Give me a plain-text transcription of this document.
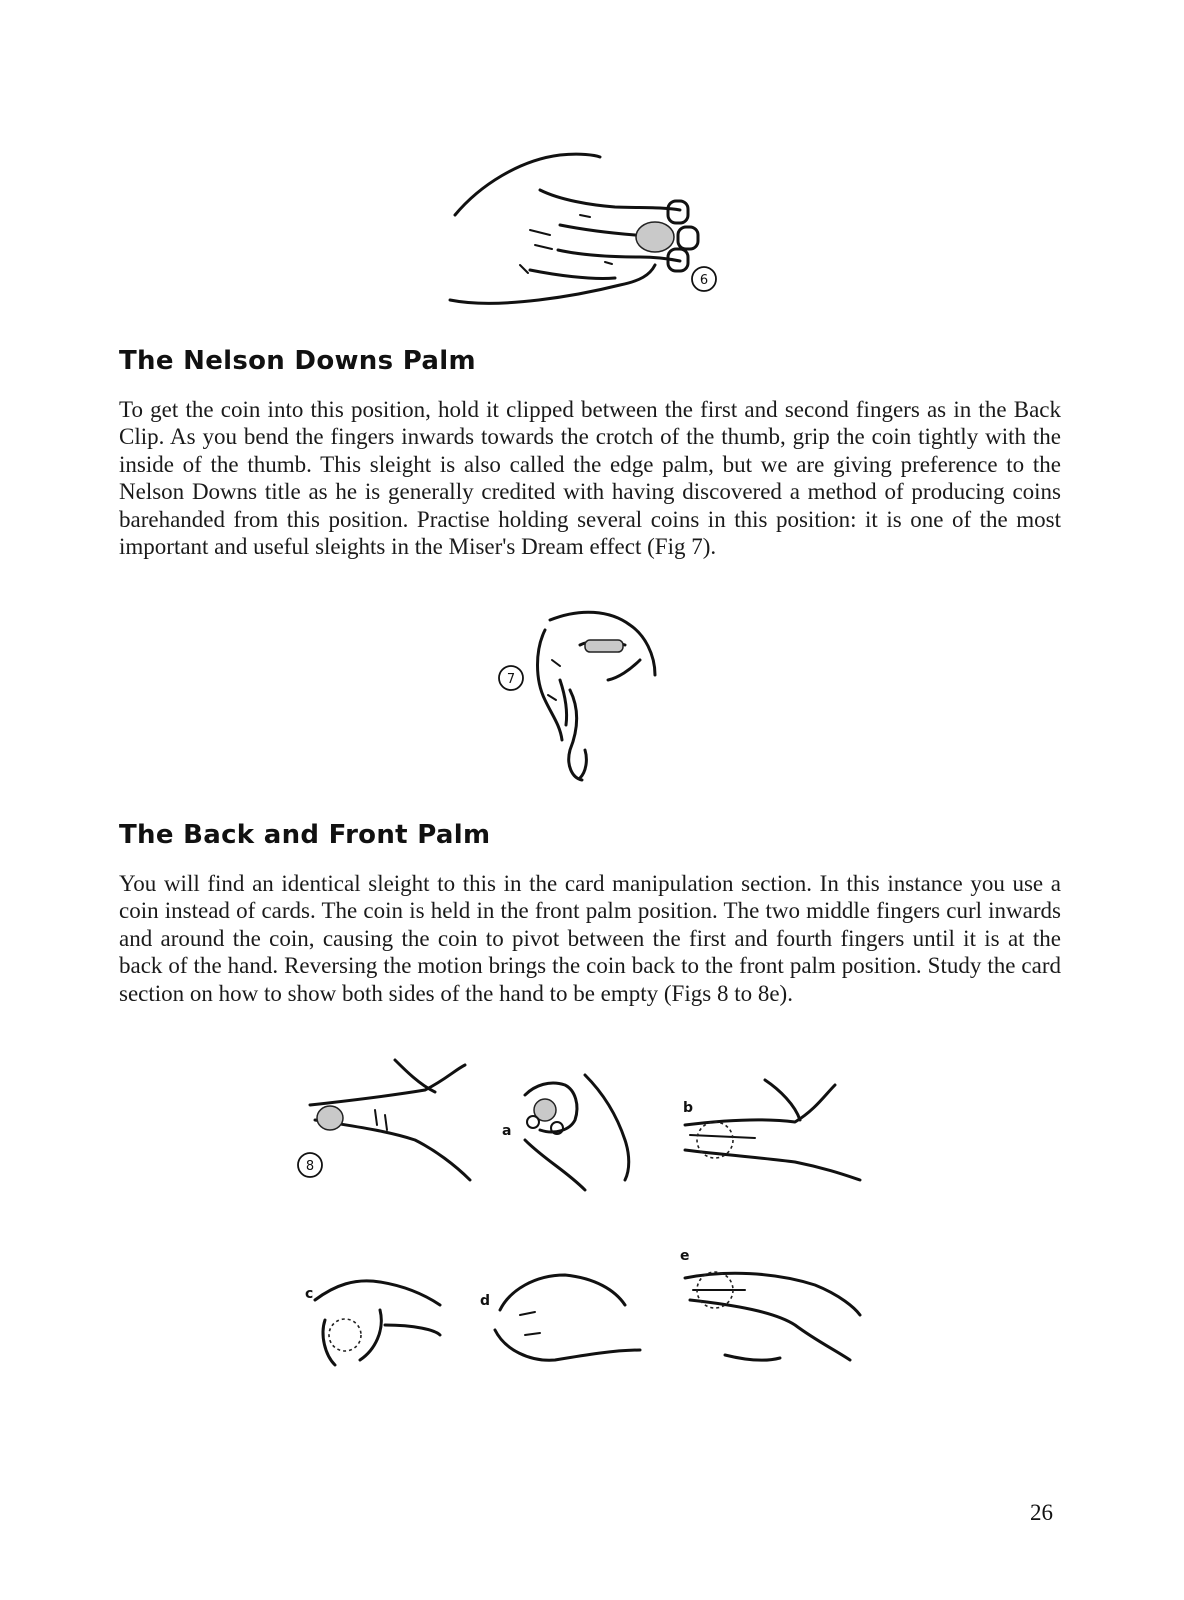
6
The Nelson Downs Palm

To get the coin into this position, hold it clipped between the first and second fingers as in the Back Clip. As you bend the fingers inwards towards the crotch of the thumb, grip the coin tightly with the inside of the thumb. This sleight is also called the edge palm, but we are giving preference to the Nelson Downs title as he is generally credited with having discovered a method of producing coins barehanded from this position. Practise holding several coins in this position: it is one of the most important and useful sleights in the Miser's Dream effect (Fig 7).

7
The Back and Front Palm

You will find an identical sleight to this in the card manipulation section. In this instance you use a coin instead of cards. The coin is held in the front palm position. The two middle fingers curl inwards and around the coin, causing the coin to pivot between the first and fourth fingers until it is at the back of the hand. Reversing the motion brings the coin back to the front palm position. Study the card section on how to show both sides of the hand to be empty (Figs 8 to 8e).

8
a
b
c	d
e
26
